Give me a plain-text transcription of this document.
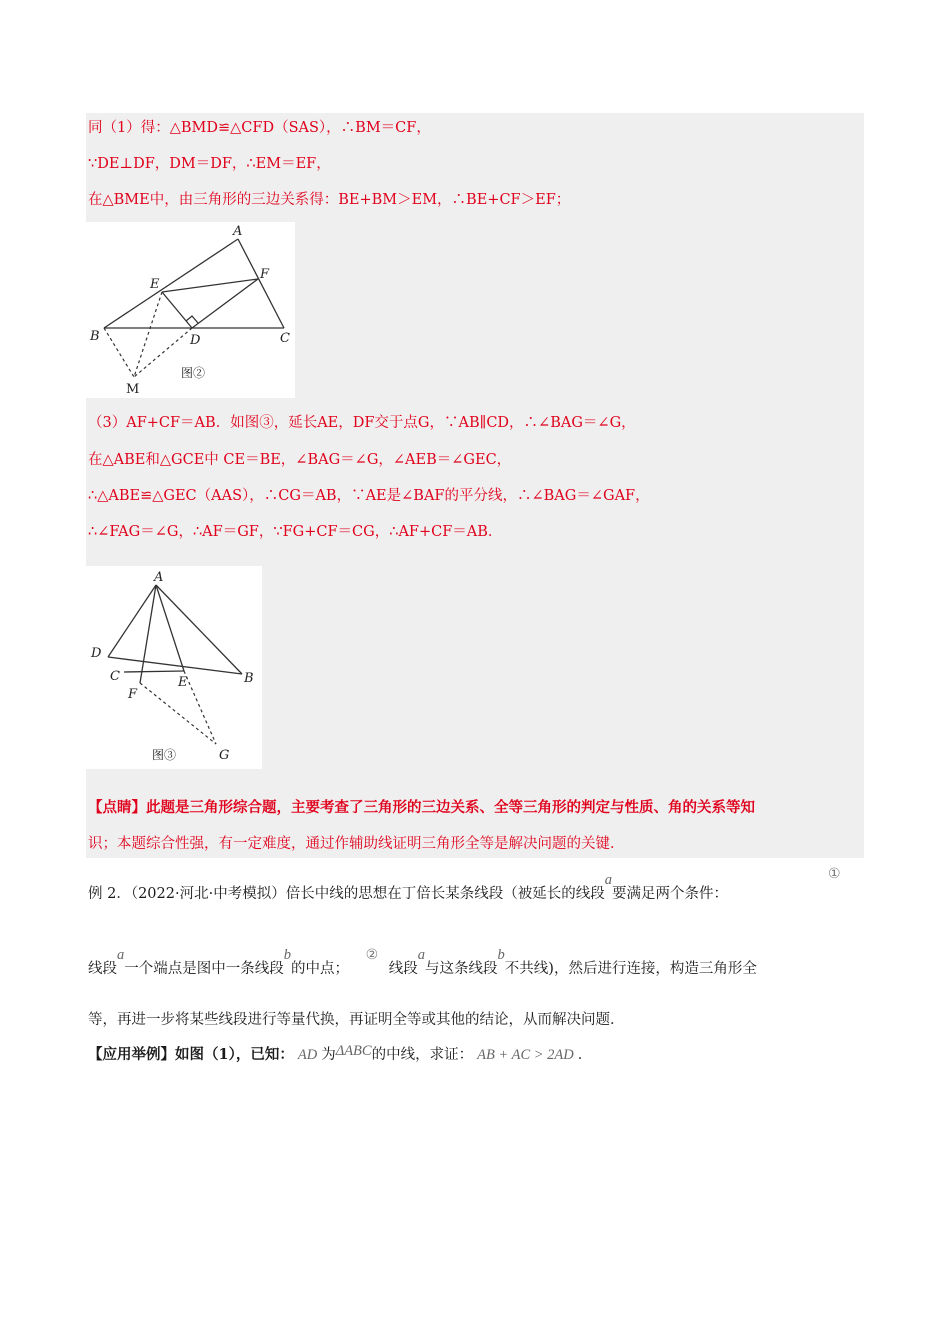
同（1）得：△BMD≌△CFD（SAS），∴BM＝CF，
∵DE⊥DF，DM＝DF，∴EM＝EF，
在△BME中，由三角形的三边关系得：BE+BM＞EM，∴BE+CF＞EF；
A
B	C
D
E
F
M
图②
（3）AF+CF＝AB．如图③，延长AE，DF交于点G，∵AB∥CD，∴∠BAG＝∠G，
在△ABE和△GCE中 CE＝BE，∠BAG＝∠G，∠AEB＝∠GEC，
∴△ABE≌△GEC（AAS），∴CG＝AB，∵AE是∠BAF的平分线，∴∠BAG＝∠GAF，
∴∠FAG＝∠G，∴AF＝GF，∵FG+CF＝CG，∴AF+CF＝AB．
A
D
C
F
E	B
G
图③
【点睛】此题是三角形综合题，主要考查了三角形的三边关系、全等三角形的判定与性质、角的关系等知
识；本题综合性强，有一定难度，通过作辅助线证明三角形全等是解决问题的关键．
例 2．（2022·河北·中考模拟）倍长中线的思想在丁倍长某条线段（被延长的线段a要满足两个条件：
①
线段a一个端点是图中一条线段b的中点； ② 线段a与这条线段b不共线)，然后进行连接，构造三角形全
等，再进一步将某些线段进行等量代换，再证明全等或其他的结论，从而解决问题．
【应用举例】如图（1），已知： AD 为ΔABC的中线，求证： AB + AC > 2AD ．
